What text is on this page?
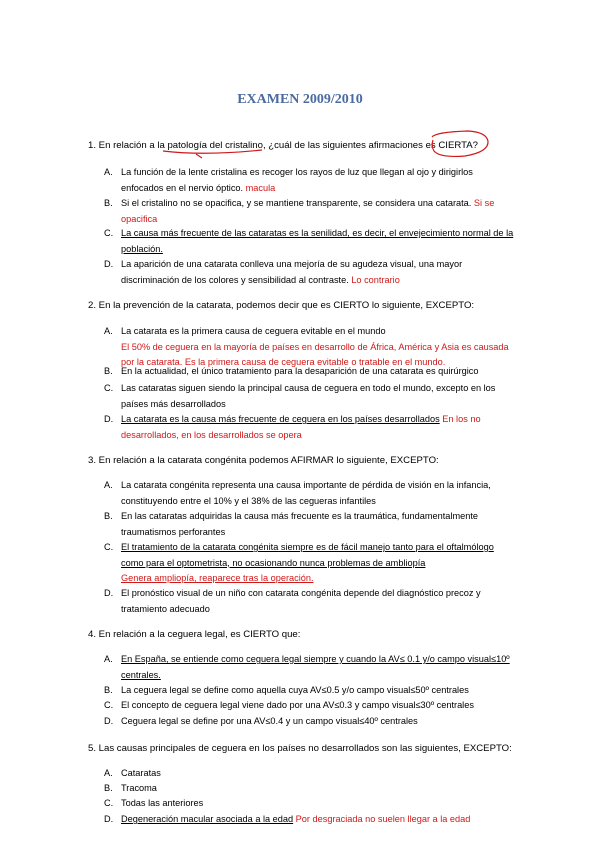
EXAMEN 2009/2010
1. En relación a la patología del cristalino, ¿cuál de las siguientes afirmaciones es CIERTA?
A. La función de la lente cristalina es recoger los rayos de luz que llegan al ojo y dirigirlos enfocados en el nervio óptico. macula
B. Si el cristalino no se opacifica, y se mantiene transparente, se considera una catarata. Si se opacifica
C. La causa más frecuente de las cataratas es la senilidad, es decir, el envejecimiento normal de la población.
D. La aparición de una catarata conlleva una mejoría de su agudeza visual, una mayor discriminación de los colores y sensibilidad al contraste. Lo contrario
2. En la prevención de la catarata, podemos decir que es CIERTO lo siguiente, EXCEPTO:
A. La catarata es la primera causa de ceguera evitable en el mundo
El 50% de ceguera en la mayoría de países en desarrollo de África, América y Asia es causada por la catarata. Es la primera causa de ceguera evitable o tratable en el mundo.
B. En la actualidad, el único tratamiento para la desaparición de una catarata es quirúrgico
C. Las cataratas siguen siendo la principal causa de ceguera en todo el mundo, excepto en los países más desarrollados
D. La catarata es la causa más frecuente de ceguera en los países desarrollados En los no desarrollados, en los desarrollados se opera
3. En relación a la catarata congénita podemos AFIRMAR lo siguiente, EXCEPTO:
A. La catarata congénita representa una causa importante de pérdida de visión en la infancia, constituyendo entre el 10% y el 38% de las cegueras infantiles
B. En las cataratas adquiridas la causa más frecuente es la traumática, fundamentalmente traumatismos perforantes
C. El tratamiento de la catarata congénita siempre es de fácil manejo tanto para el oftalmólogo como para el optometrista, no ocasionando nunca problemas de ambliopía
Genera ampliopía, reaparece tras la operación.
D. El pronóstico visual de un niño con catarata congénita depende del diagnóstico precoz y tratamiento adecuado
4. En relación a la ceguera legal, es CIERTO que:
A. En España, se entiende como ceguera legal siempre y cuando la AV≤ 0.1 y/o campo visual≤10º centrales.
B. La ceguera legal se define como aquella cuya AV≤0.5 y/o campo visual≤50º centrales
C. El concepto de ceguera legal viene dado por una AV≤0.3 y campo visual≤30º centrales
D. Ceguera legal se define por una AV≤0.4 y un campo visual≤40º centrales
5. Las causas principales de ceguera en los países no desarrollados son las siguientes, EXCEPTO:
A. Cataratas
B. Tracoma
C. Todas las anteriores
D. Degeneración macular asociada a la edad Por desgraciada no suelen llegar a la edad
